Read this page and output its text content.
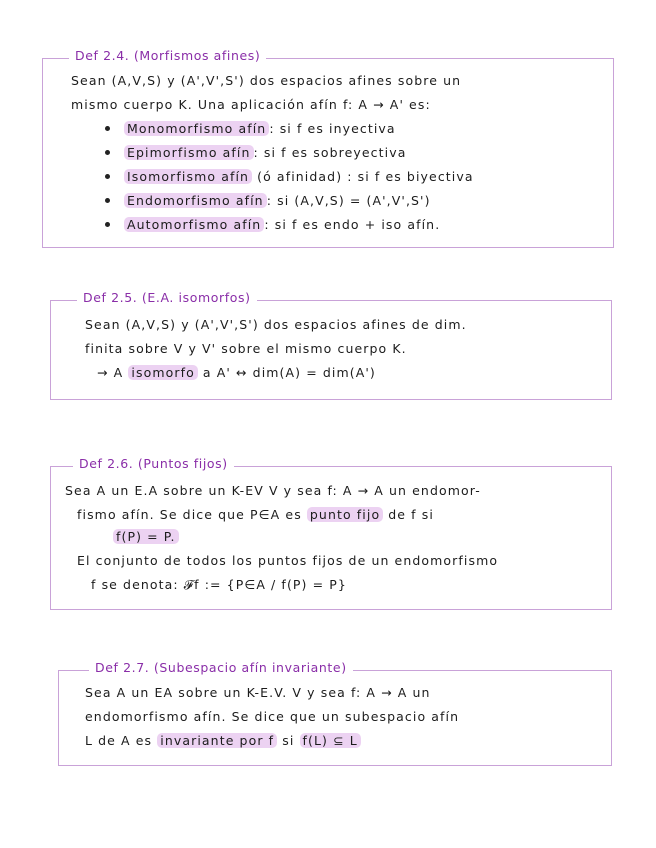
Def 2.4. (Morfismos afines)
Sean (A,V,S) y (A',V',S') dos espacios afines sobre un
mismo cuerpo K. Una aplicación afín f: A → A' es:
Monomorfismo afín : si f es inyectiva
Epimorfismo afín : si f es sobreyectiva
Isomorfismo afín (ó afinidad) : si f es biyectiva
Endomorfismo afín : si (A,V,S) = (A',V',S')
Automorfismo afín : si f es endo + iso afín.
Def 2.5. (E.A. isomorfos)
Sean (A,V,S) y (A',V',S') dos espacios afines de dim.
finita sobre V y V' sobre el mismo cuerpo K.
→ A isomorfo a A' ↔ dim(A) = dim(A')
Def 2.6. (Puntos fijos)
Sea A un E.A sobre un K-EV V y sea f: A → A un endomor-
fismo afín. Se dice que P∈A es punto fijo de f si
f(P) = P.
El conjunto de todos los puntos fijos de un endomorfismo
f se denota: 𝓕f := {P∈A / f(P) = P}
Def 2.7. (Subespacio afín invariante)
Sea A un EA sobre un K-E.V. V y sea f: A → A un
endomorfismo afín. Se dice que un subespacio afín
L de A es invariante por f si f(L) ⊆ L
